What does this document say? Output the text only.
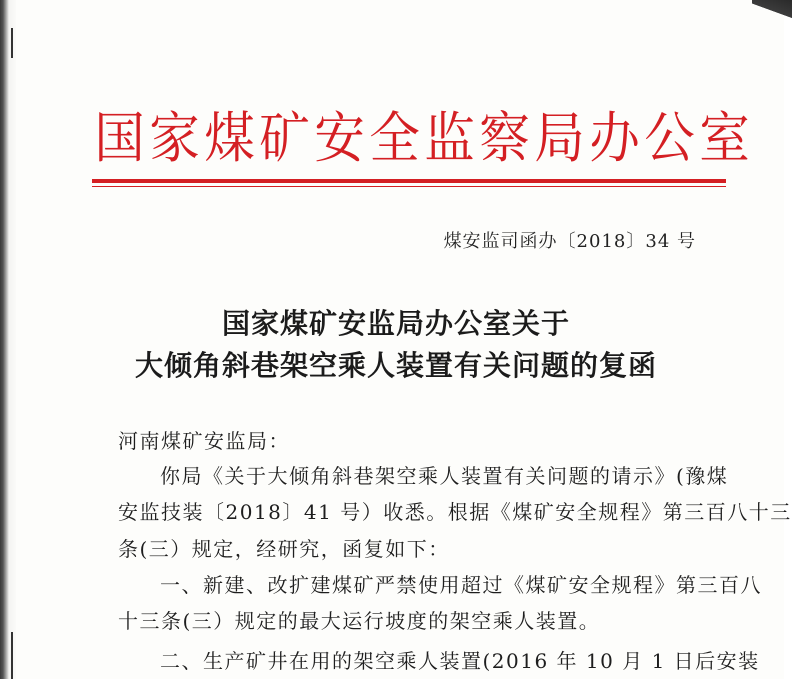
国 家 煤 矿 安 全 监 察 局 办 公 室
煤安监司函办〔2018〕34 号
国家煤矿安监局办公室关于
大倾角斜巷架空乘人装置有关问题的复函
河南煤矿安监局：
你局《关于大倾角斜巷架空乘人装置有关问题的请示》(豫煤
安监技装〔2018〕41 号）收悉。根据《煤矿安全规程》第三百八十三
条(三）规定，经研究，函复如下：
一、新建、改扩建煤矿严禁使用超过《煤矿安全规程》第三百八
十三条(三）规定的最大运行坡度的架空乘人装置。
二、生产矿井在用的架空乘人装置(2016 年 10 月 1 日后安装
